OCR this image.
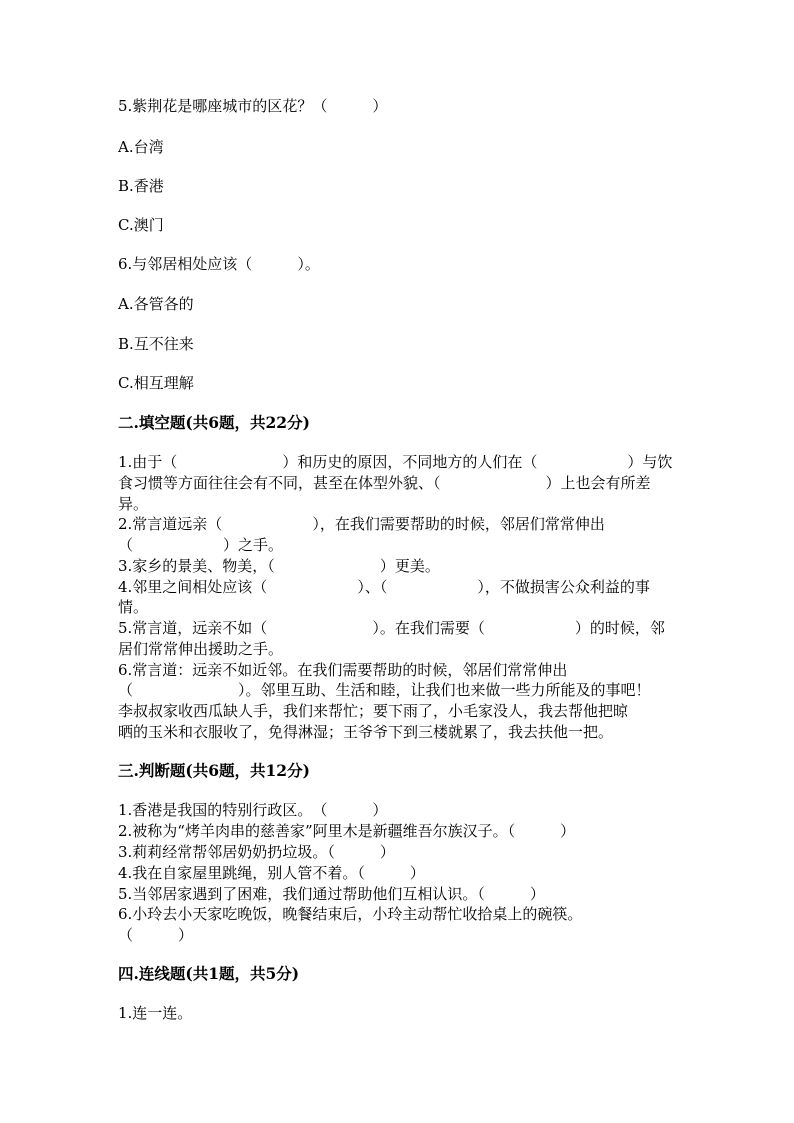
5.紫荆花是哪座城市的区花？（　　　）
A.台湾
B.香港
C.澳门
6.与邻居相处应该（　　　）。
A.各管各的
B.互不往来
C.相互理解
二.填空题(共6题，共22分)
1.由于（　　　　　　　）和历史的原因，不同地方的人们在（　　　　　　）与饮
食习惯等方面往往会有不同，甚至在体型外貌、（　　　　　　　）上也会有所差
异。
2.常言道远亲（　　　　　　），在我们需要帮助的时候，邻居们常常伸出
（　　　　　　）之手。
3.家乡的景美、物美，（　　　　　　　）更美。
4.邻里之间相处应该（　　　　　　）、（　　　　　　），不做损害公众利益的事
情。
5.常言道，远亲不如（　　　　　　　）。在我们需要（　　　　　　）的时候，邻
居们常常伸出援助之手。
6.常言道：远亲不如近邻。在我们需要帮助的时候，邻居们常常伸出
（　　　　　　　）。邻里互助、生活和睦，让我们也来做一些力所能及的事吧！
李叔叔家收西瓜缺人手，我们来帮忙；要下雨了，小毛家没人，我去帮他把晾
晒的玉米和衣服收了，免得淋湿；王爷爷下到三楼就累了，我去扶他一把。
三.判断题(共6题，共12分)
1.香港是我国的特别行政区。　（　　　）
2.被称为“烤羊肉串的慈善家”阿里木是新疆维吾尔族汉子。（　　　）
3.莉莉经常帮邻居奶奶扔垃圾。（　　　）
4.我在自家屋里跳绳，别人管不着。（　　　）
5.当邻居家遇到了困难，我们通过帮助他们互相认识。（　　　）
6.小玲去小天家吃晚饭，晚餐结束后，小玲主动帮忙收拾桌上的碗筷。
（　　　）
四.连线题(共1题，共5分)
1.连一连。
